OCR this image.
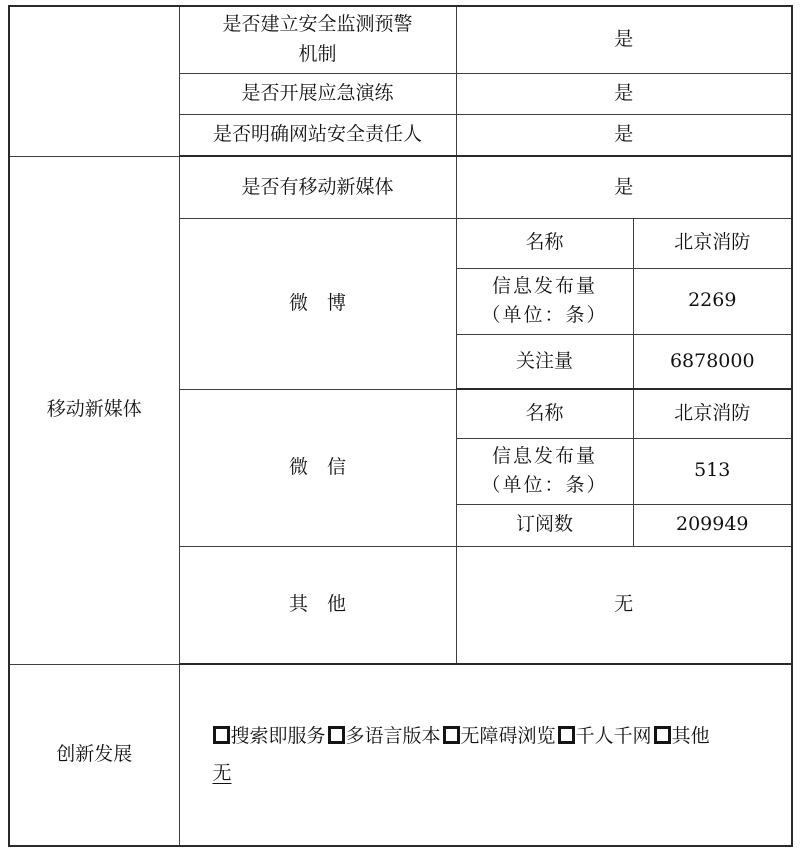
	是否建立安全监测预警
机制	是	
	是否开展应急演练	是	
	是否明确网站安全责任人	是	
移动新媒体	是否有移动新媒体	是	
	微　博	名称	北京消防

		信息发布量
（单位：条）	2269
		关注量	6878000
	微　信	名称	北京消防

		信息发布量
（单位：条）	513
		订阅数	209949
	其　他	无	
创新发展	搜索即服务 多语言版本 无障碍浏览 千人千网 其他
无		
